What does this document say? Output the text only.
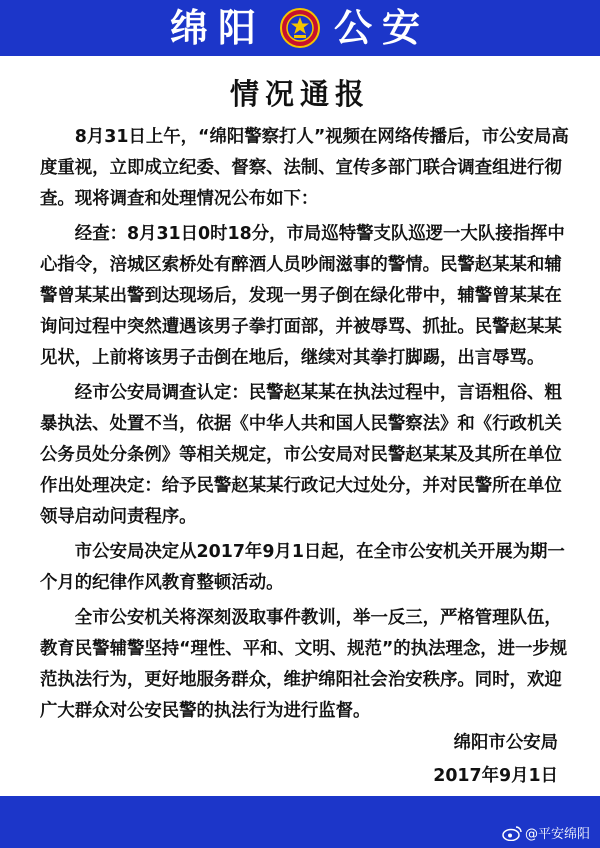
绵阳 公安
情况通报

8月31日上午，“绵阳警察打人”视频在网络传播后，市公安局高度重视，立即成立纪委、督察、法制、宣传多部门联合调查组进行彻查。现将调查和处理情况公布如下：

经查：8月31日0时18分，市局巡特警支队巡逻一大队接指挥中心指令，涪城区索桥处有醉酒人员吵闹滋事的警情。民警赵某某和辅警曾某某出警到达现场后，发现一男子倒在绿化带中，辅警曾某某在询问过程中突然遭遇该男子拳打面部，并被辱骂、抓扯。民警赵某某见状，上前将该男子击倒在地后，继续对其拳打脚踢，出言辱骂。

经市公安局调查认定：民警赵某某在执法过程中，言语粗俗、粗暴执法、处置不当，依据《中华人共和国人民警察法》和《行政机关公务员处分条例》等相关规定，市公安局对民警赵某某及其所在单位作出处理决定：给予民警赵某某行政记大过处分，并对民警所在单位领导启动问责程序。

市公安局决定从2017年9月1日起，在全市公安机关开展为期一个月的纪律作风教育整顿活动。

全市公安机关将深刻汲取事件教训，举一反三，严格管理队伍，教育民警辅警坚持“理性、平和、文明、规范”的执法理念，进一步规范执法行为，更好地服务群众，维护绵阳社会治安秩序。同时，欢迎广大群众对公安民警的执法行为进行监督。

绵阳市公安局
2017年9月1日
@平安绵阳
